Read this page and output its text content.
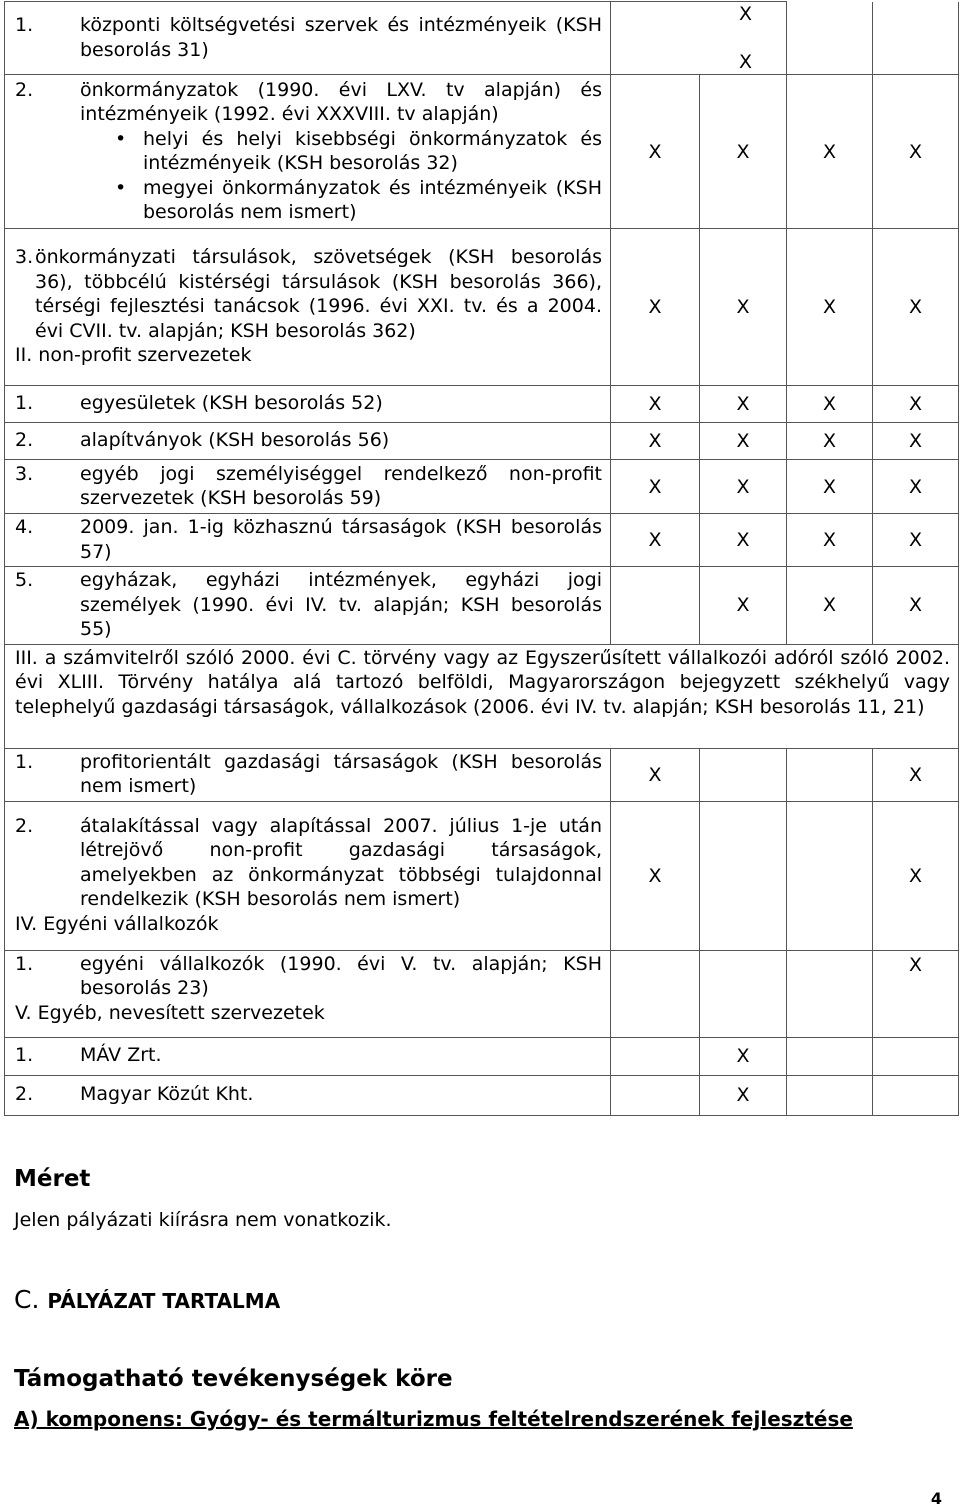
1. központi költségvetési szervek és intézményeik (KSH besorolás 31)	XX			

2. önkormányzatok (1990. évi LXV. tv alapján) és intézményeik (1992. évi XXXVIII. tv alapján)
• helyi és helyi kisebbségi önkormányzatok és intézményeik (KSH besorolás 32)
• megyei önkormányzatok és intézményeik (KSH besorolás nem ismert)	X	X	X	X

3. önkormányzati társulások, szövetségek (KSH besorolás 36), többcélú kistérségi társulások (KSH besorolás 366), térségi fejlesztési tanácsok (1996. évi XXI. tv. és a 2004. évi CVII. tv. alapján; KSH besorolás 362)
II. non-profit szervezetek	X	X	X	X

1. egyesületek (KSH besorolás 52)	X	X	X	X

2. alapítványok (KSH besorolás 56)	X	X	X	X

3. egyéb jogi személyiséggel rendelkező non-profit szervezetek (KSH besorolás 59)	X	X	X	X

4. 2009. jan. 1-ig közhasznú társaságok (KSH besorolás 57)	X	X	X	X

5. egyházak, egyházi intézmények, egyházi jogi személyek (1990. évi IV. tv. alapján; KSH besorolás 55)		X	X	X
III. a számvitelről szóló 2000. évi C. törvény vagy az Egyszerűsített vállalkozói adóról szóló 2002. évi XLIII. Törvény hatálya alá tartozó belföldi, Magyarországon bejegyzett székhelyű vagy telephelyű gazdasági társaságok, vállalkozások (2006. évi IV. tv. alapján; KSH besorolás 11, 21)				

1. profitorientált gazdasági társaságok (KSH besorolás nem ismert)	X			X

2. átalakítással vagy alapítással 2007. július 1-je után létrejövő non-profit gazdasági társaságok, amelyekben az önkormányzat többségi tulajdonnal rendelkezik (KSH besorolás nem ismert)
IV. Egyéni vállalkozók	X			X

1. egyéni vállalkozók (1990. évi V. tv. alapján; KSH besorolás 23)
V. Egyéb, nevesített szervezetek				X

1. MÁV Zrt.		X		

2. Magyar Közút Kht.		X		
Méret
Jelen pályázati kiírásra nem vonatkozik.
C. PÁLYÁZAT TARTALMA
Támogatható tevékenységek köre
A) komponens: Gyógy- és termálturizmus feltételrendszerének fejlesztése
4
